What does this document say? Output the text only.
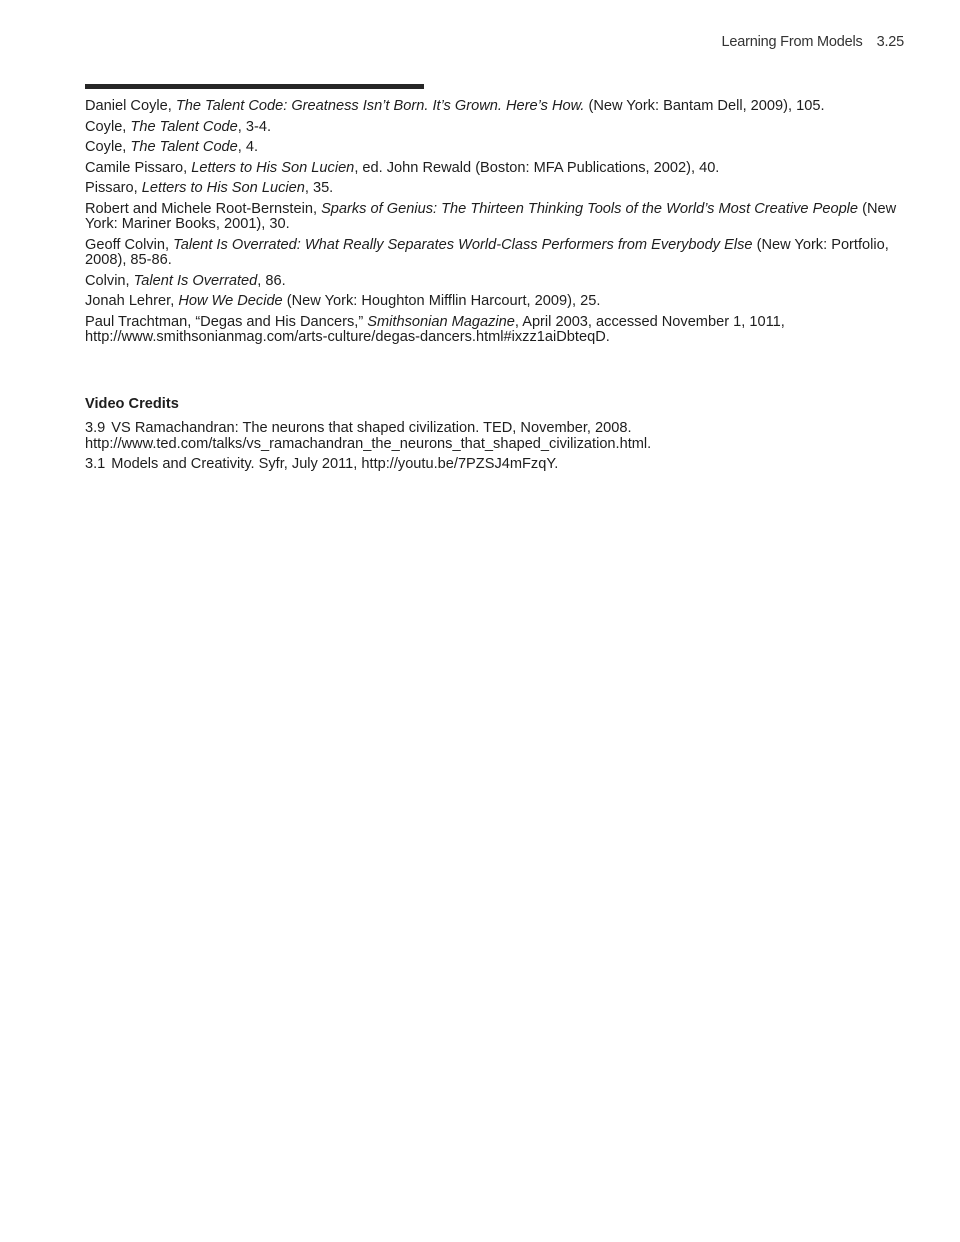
Learning From Models 3.25
Daniel Coyle, The Talent Code: Greatness Isn’t Born. It’s Grown. Here’s How. (New York: Bantam Dell, 2009), 105.
Coyle, The Talent Code, 3-4.
Coyle, The Talent Code, 4.
Camile Pissaro, Letters to His Son Lucien, ed. John Rewald (Boston: MFA Publications, 2002), 40.
Pissaro, Letters to His Son Lucien, 35.
Robert and Michele Root-Bernstein, Sparks of Genius: The Thirteen Thinking Tools of the World’s Most Creative People (New York: Mariner Books, 2001), 30.
Geoff Colvin, Talent Is Overrated: What Really Separates World-Class Performers from Everybody Else (New York: Portfolio, 2008), 85-86.
Colvin, Talent Is Overrated, 86.
Jonah Lehrer, How We Decide (New York: Houghton Mifflin Harcourt, 2009), 25.
Paul Trachtman, “Degas and His Dancers,” Smithsonian Magazine, April 2003, accessed November 1, 1011, http://www.smithsonianmag.com/arts-culture/degas-dancers.html#ixzz1aiDbteqD.
Video Credits
3.9 VS Ramachandran: The neurons that shaped civilization. TED, November, 2008. http://www.ted.com/talks/vs_ramachandran_the_neurons_that_shaped_civilization.html.
3.1 Models and Creativity. Syfr, July 2011, http://youtu.be/7PZSJ4mFzqY.
